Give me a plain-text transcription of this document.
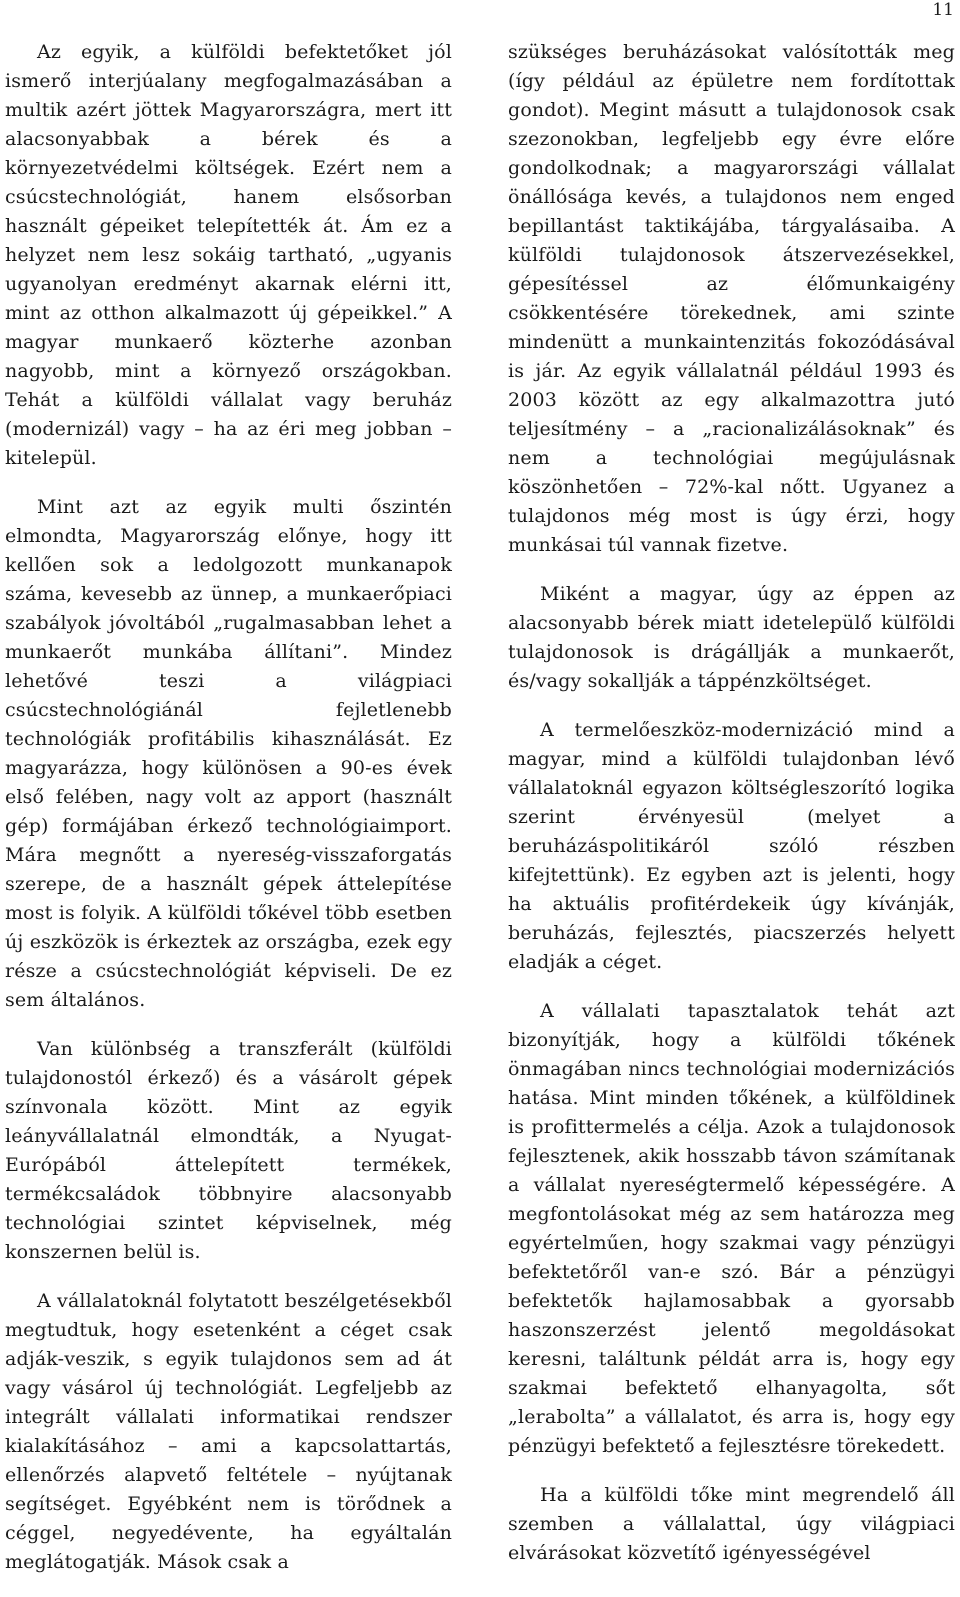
11

Az egyik, a külföldi befektetőket jól ismerő interjúalany megfogalmazásában a multik azért jöttek Magyarországra, mert itt alacsonyabbak a bérek és a környezetvédelmi költségek. Ezért nem a csúcstechnológiát, hanem elsősorban használt gépeiket telepítették át. Ám ez a helyzet nem lesz sokáig tartható, „ugyanis ugyanolyan eredményt akarnak elérni itt, mint az otthon alkalmazott új gépeikkel.” A magyar munkaerő közterhe azonban nagyobb, mint a környező országokban. Tehát a külföldi vállalat vagy beruház (modernizál) vagy – ha az éri meg jobban – kitelepül.

Mint azt az egyik multi őszintén elmondta, Magyarország előnye, hogy itt kellően sok a ledolgozott munkanapok száma, kevesebb az ünnep, a munkaerőpiaci szabályok jóvoltából „rugalmasabban lehet a munkaerőt munkába állítani”. Mindez lehetővé teszi a világpiaci csúcstechnológiánál fejletlenebb technológiák profitábilis kihasználását. Ez magyarázza, hogy különösen a 90-es évek első felében, nagy volt az apport (használt gép) formájában érkező technológiaimport. Mára megnőtt a nyereség-visszaforgatás szerepe, de a használt gépek áttelepítése most is folyik. A külföldi tőkével több esetben új eszközök is érkeztek az országba, ezek egy része a csúcstechnológiát képviseli. De ez sem általános.

Van különbség a transzferált (külföldi tulajdonostól érkező) és a vásárolt gépek színvonala között. Mint az egyik leányvállalatnál elmondták, a Nyugat-Európából áttelepített termékek, termékcsaládok többnyire alacsonyabb technológiai szintet képviselnek, még konszernen belül is.

A vállalatoknál folytatott beszélgetésekből megtudtuk, hogy esetenként a céget csak adják-veszik, s egyik tulajdonos sem ad át vagy vásárol új technológiát. Legfeljebb az integrált vállalati informatikai rendszer kialakításához – ami a kapcsolattartás, ellenőrzés alapvető feltétele – nyújtanak segítséget. Egyébként nem is törődnek a céggel, negyedévente, ha egyáltalán meglátogatják. Mások csak a

szükséges beruházásokat valósították meg (így például az épületre nem fordítottak gondot). Megint másutt a tulajdonosok csak szezonokban, legfeljebb egy évre előre gondolkodnak; a magyarországi vállalat önállósága kevés, a tulajdonos nem enged bepillantást taktikájába, tárgyalásaiba. A külföldi tulajdonosok átszervezésekkel, gépesítéssel az élőmunkaigény csökkentésére törekednek, ami szinte mindenütt a munkaintenzitás fokozódásával is jár. Az egyik vállalatnál például 1993 és 2003 között az egy alkalmazottra jutó teljesítmény – a „racionalizálásoknak” és nem a technológiai megújulásnak köszönhetően – 72%-kal nőtt. Ugyanez a tulajdonos még most is úgy érzi, hogy munkásai túl vannak fizetve.

Miként a magyar, úgy az éppen az alacsonyabb bérek miatt idetelepülő külföldi tulajdonosok is drágállják a munkaerőt, és/vagy sokallják a táppénzköltséget.

A termelőeszköz-modernizáció mind a magyar, mind a külföldi tulajdonban lévő vállalatoknál egyazon költségleszorító logika szerint érvényesül (melyet a beruházáspolitikáról szóló részben kifejtettünk). Ez egyben azt is jelenti, hogy ha aktuális profitérdekeik úgy kívánják, beruházás, fejlesztés, piacszerzés helyett eladják a céget.

A vállalati tapasztalatok tehát azt bizonyítják, hogy a külföldi tőkének önmagában nincs technológiai modernizációs hatása. Mint minden tőkének, a külföldinek is profittermelés a célja. Azok a tulajdonosok fejlesztenek, akik hosszabb távon számítanak a vállalat nyereségtermelő képességére. A megfontolásokat még az sem határozza meg egyértelműen, hogy szakmai vagy pénzügyi befektetőről van-e szó. Bár a pénzügyi befektetők hajlamosabbak a gyorsabb haszonszerzést jelentő megoldásokat keresni, találtunk példát arra is, hogy egy szakmai befektető elhanyagolta, sőt „lerabolta” a vállalatot, és arra is, hogy egy pénzügyi befektető a fejlesztésre törekedett.

Ha a külföldi tőke mint megrendelő áll szemben a vállalattal, úgy világpiaci elvárásokat közvetítő igényességével
